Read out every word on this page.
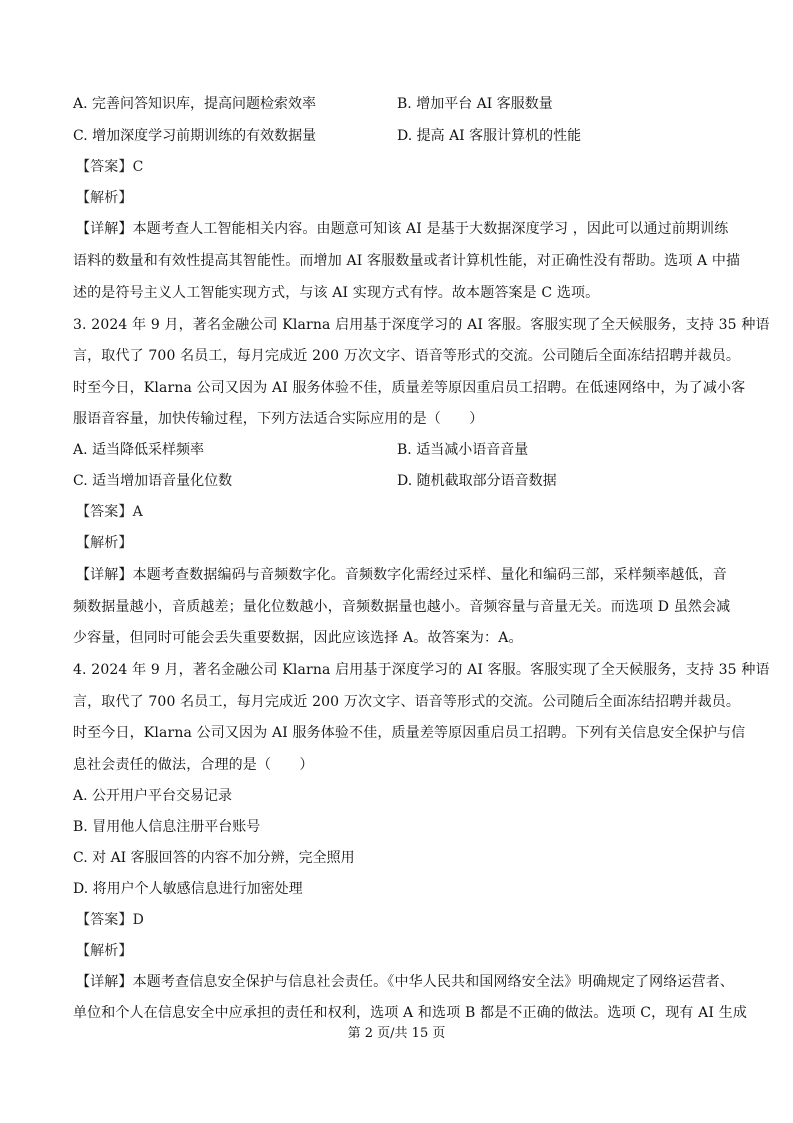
A. 完善问答知识库，提高问题检索效率	B. 增加平台 AI 客服数量
C. 增加深度学习前期训练的有效数据量	D. 提高 AI 客服计算机的性能
【答案】C
【解析】
【详解】本题考查人工智能相关内容。由题意可知该 AI 是基于大数据深度学习 ，因此可以通过前期训练
语料的数量和有效性提高其智能性。而增加 AI 客服数量或者计算机性能，对正确性没有帮助。选项 A 中描
述的是符号主义人工智能实现方式，与该 AI 实现方式有悖。故本题答案是 C 选项。
3. 2024 年 9 月，著名金融公司 Klarna 启用基于深度学习的 AI 客服。客服实现了全天候服务，支持 35 种语
言，取代了 700 名员工，每月完成近 200 万次文字、语音等形式的交流。公司随后全面冻结招聘并裁员。
时至今日，Klarna 公司又因为 AI 服务体验不佳，质量差等原因重启员工招聘。在低速网络中，为了减小客
服语音容量，加快传输过程，下列方法适合实际应用的是（　　）
A. 适当降低采样频率	B. 适当减小语音音量
C. 适当增加语音量化位数	D. 随机截取部分语音数据
【答案】A
【解析】
【详解】本题考查数据编码与音频数字化。音频数字化需经过采样、量化和编码三部，采样频率越低，音
频数据量越小，音质越差；量化位数越小，音频数据量也越小。音频容量与音量无关。而选项 D 虽然会减
少容量，但同时可能会丢失重要数据，因此应该选择 A。故答案为：A。
4. 2024 年 9 月，著名金融公司 Klarna 启用基于深度学习的 AI 客服。客服实现了全天候服务，支持 35 种语
言，取代了 700 名员工，每月完成近 200 万次文字、语音等形式的交流。公司随后全面冻结招聘并裁员。
时至今日，Klarna 公司又因为 AI 服务体验不佳，质量差等原因重启员工招聘。下列有关信息安全保护与信
息社会责任的做法，合理的是（　　）
A. 公开用户平台交易记录
B. 冒用他人信息注册平台账号
C. 对 AI 客服回答的内容不加分辨，完全照用
D. 将用户个人敏感信息进行加密处理
【答案】D
【解析】
【详解】本题考查信息安全保护与信息社会责任。《中华人民共和国网络安全法》明确规定了网络运营者、
单位和个人在信息安全中应承担的责任和权利，选项 A 和选项 B 都是不正确的做法。选项 C，现有 AI 生成
第 2 页/共 15 页
